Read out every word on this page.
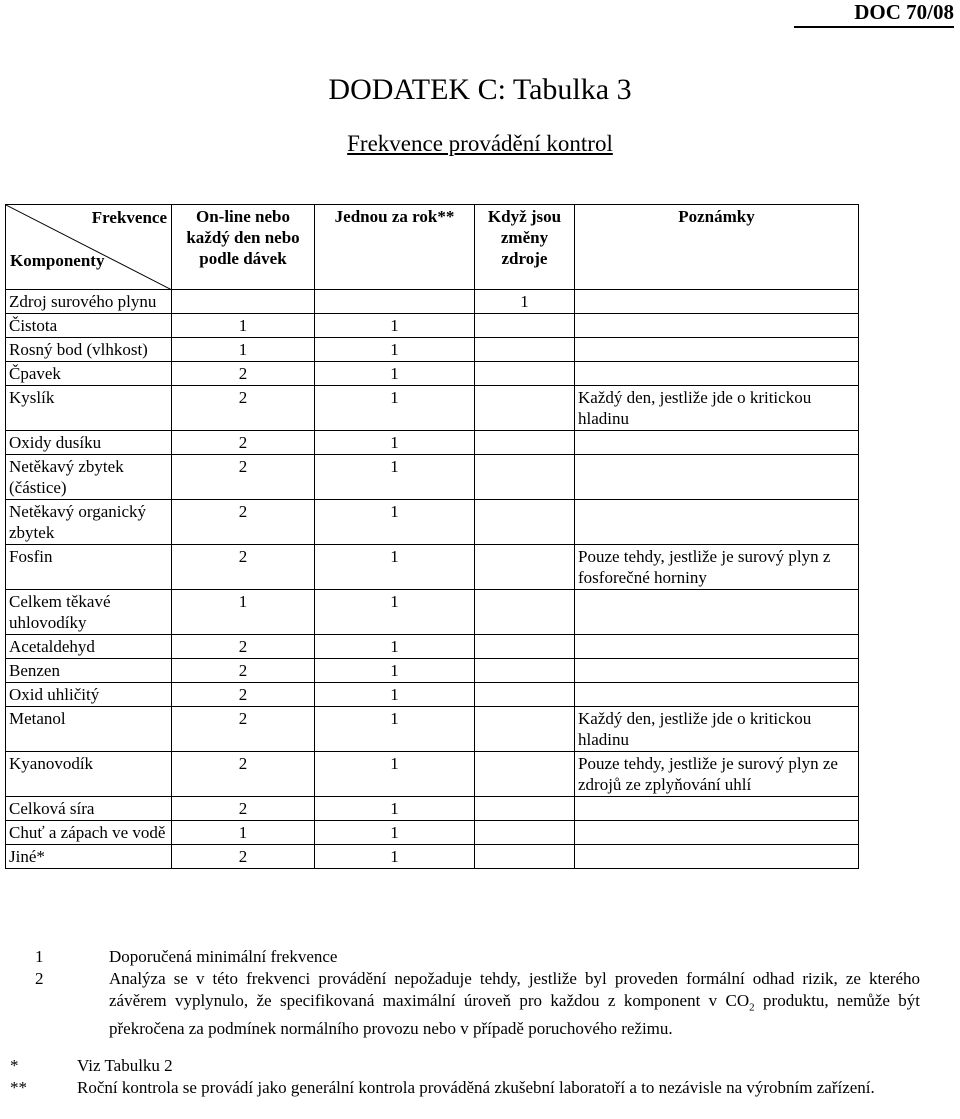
DOC 70/08
DODATEK C: Tabulka 3
Frekvence provádění kontrol
Frekvence
Komponenty	On-line nebo každý den nebo podle dávek	Jednou za rok**	Když jsou změny zdroje	Poznámky
Zdroj surového plynu			1	
Čistota	1	1		
Rosný bod (vlhkost)	1	1		
Čpavek	2	1		
Kyslík	2	1		Každý den, jestliže jde o kritickou hladinu
Oxidy dusíku	2	1		
Netěkavý zbytek (částice)	2	1		
Netěkavý organický zbytek	2	1		
Fosfin	2	1		Pouze tehdy, jestliže je surový plyn z fosforečné horniny
Celkem těkavé uhlovodíky	1	1		
Acetaldehyd	2	1		
Benzen	2	1		
Oxid uhličitý	2	1		
Metanol	2	1		Každý den, jestliže jde o kritickou hladinu
Kyanovodík	2	1		Pouze tehdy, jestliže je surový plyn ze zdrojů ze zplyňování uhlí
Celková síra	2	1		
Chuť a zápach ve vodě	1	1		
Jiné*	2	1		
1	Doporučená minimální frekvence
2	Analýza se v této frekvenci provádění nepožaduje tehdy, jestliže byl proveden formální odhad rizik, ze kterého závěrem vyplynulo, že specifikovaná maximální úroveň pro každou z komponent v $CO_2$ produktu, nemůže být překročena za podmínek normálního provozu nebo v případě poruchového režimu.
*	Viz Tabulku 2
**	Roční kontrola se provádí jako generální kontrola prováděná zkušební laboratoří a to nezávisle na výrobním zařízení.
